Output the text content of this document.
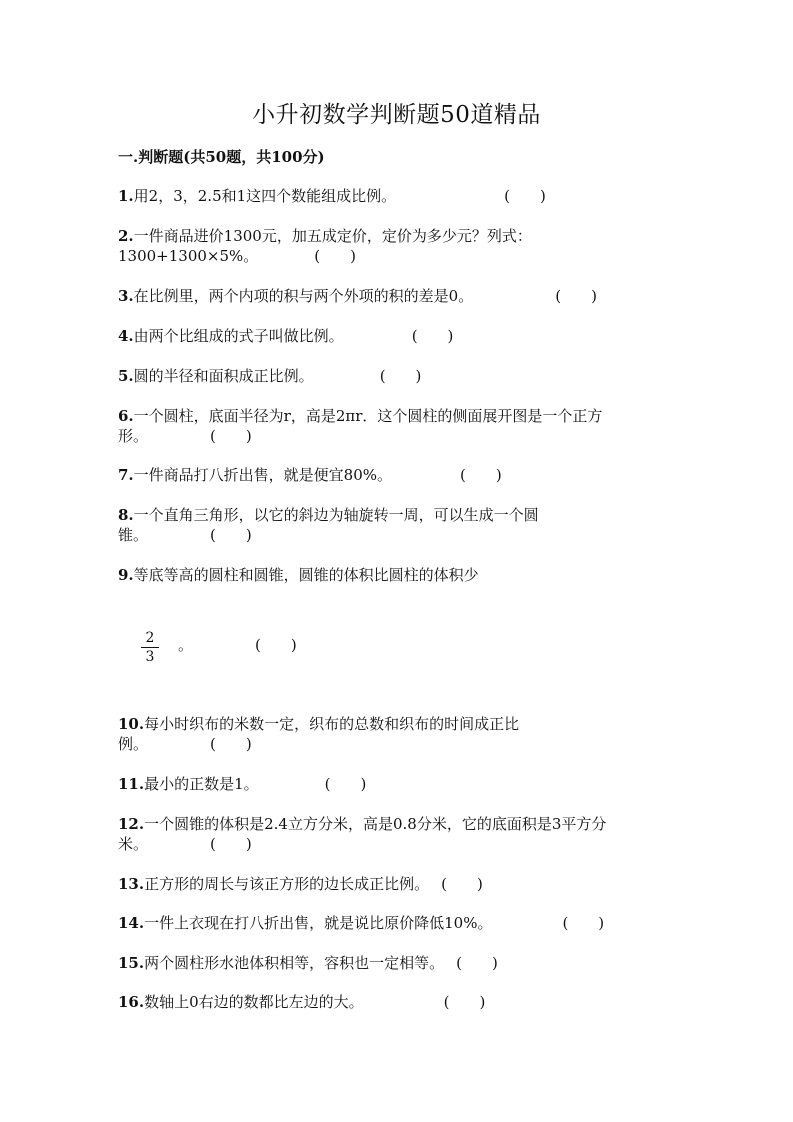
小升初数学判断题50道精品
一.判断题(共50题，共100分)
1.用2，3，2.5和1这四个数能组成比例。	(　　)
2.一件商品进价1300元，加五成定价，定价为多少元？列式：
1300+1300×5%。	(　　)
3.在比例里，两个内项的积与两个外项的积的差是0。	(　　)
4.由两个比组成的式子叫做比例。	(　　)
5.圆的半径和面积成正比例。	(　　)
6.一个圆柱，底面半径为r，高是2πr．这个圆柱的侧面展开图是一个正方
形。	(　　)
7.一件商品打八折出售，就是便宜80%。	(　　)
8.一个直角三角形，以它的斜边为轴旋转一周，可以生成一个圆
锥。	(　　)
9.等底等高的圆柱和圆锥，圆锥的体积比圆柱的体积少
2
3
。	(　　)
10.每小时织布的米数一定，织布的总数和织布的时间成正比
例。	(　　)
11.最小的正数是1。	(　　)
12.一个圆锥的体积是2.4立方分米，高是0.8分米，它的底面积是3平方分
米。	(　　)
13.正方形的周长与该正方形的边长成正比例。 (　　)
14.一件上衣现在打八折出售，就是说比原价降低10%。	(　　)
15.两个圆柱形水池体积相等，容积也一定相等。 (　　)
16.数轴上0右边的数都比左边的大。	(　　)
